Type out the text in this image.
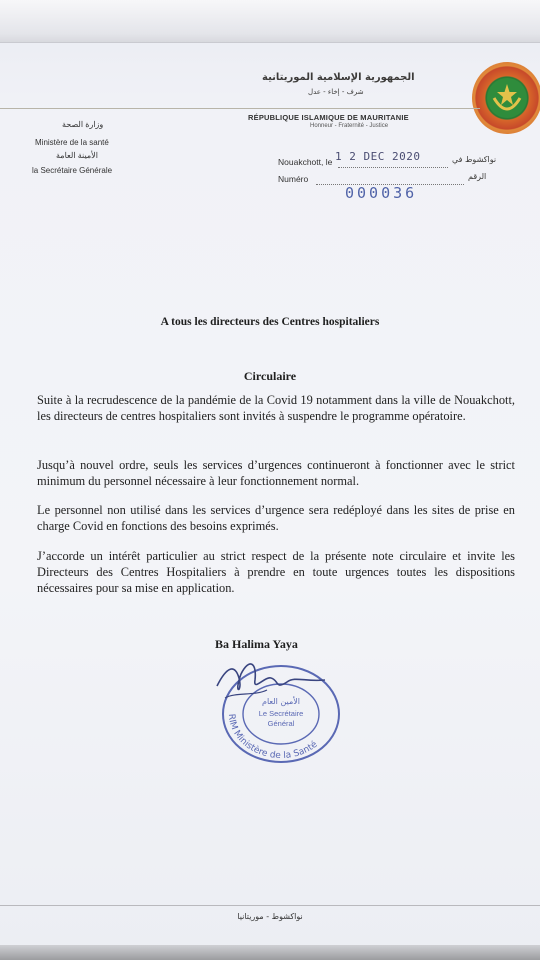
الجمهورية الإسلامية الموريتانية
شرف - إخاء - عدل
RÉPUBLIQUE ISLAMIQUE DE MAURITANIE
Honneur - Fraternité - Justice
وزارة الصحة
Ministère de la santé
الأمينة العامة
la Secrétaire Générale
Nouakchott, le 1 2 DEC 2020	نواكشوط في
Numéro	الرقم
000036
A tous les directeurs des Centres hospitaliers
Circulaire

Suite à la recrudescence de la pandémie de la Covid 19 notamment dans la ville de Nouakchott, les directeurs de centres hospitaliers sont invités à suspendre le programme opératoire.

Jusqu’à nouvel ordre, seuls les services d’urgences continueront à fonctionner avec le strict minimum du personnel nécessaire à leur fonctionnement normal.

Le personnel non utilisé dans les services d’urgence sera redéployé dans les sites de prise en charge Covid en fonctions des besoins exprimés.

J’accorde un intérêt particulier au strict respect de la présente note circulaire et invite les Directeurs des Centres Hospitaliers à prendre en toute urgences toutes les dispositions nécessaires pour sa mise en application.

Ba Halima Yaya
RIM Ministère de la Santé
الأمين العام
Le Secrétaire
Général
نواكشوط - موريتانيا
